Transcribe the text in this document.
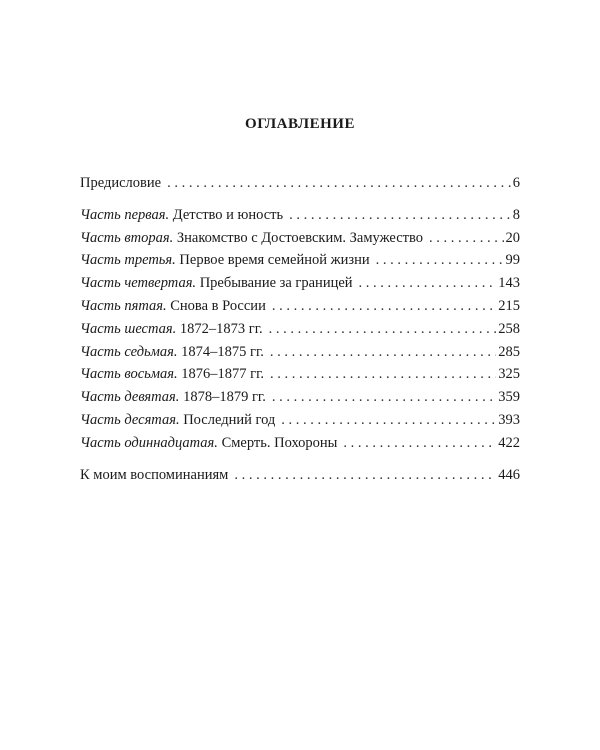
ОГЛАВЛЕНИЕ
Предисловие . . .	6
Часть первая. Детство и юность . . .	8
Часть вторая. Знакомство с Достоевским. Замужество . . .	20
Часть третья. Первое время семейной жизни . . .	99
Часть четвертая. Пребывание за границей . . .	143
Часть пятая. Снова в России . . .	215
Часть шестая. 1872–1873 гг. . . .	258
Часть седьмая. 1874–1875 гг. . . .	285
Часть восьмая. 1876–1877 гг. . . .	325
Часть девятая. 1878–1879 гг. . . .	359
Часть десятая. Последний год . . .	393
Часть одиннадцатая. Смерть. Похороны . . .	422
К моим воспоминаниям . . .	446
